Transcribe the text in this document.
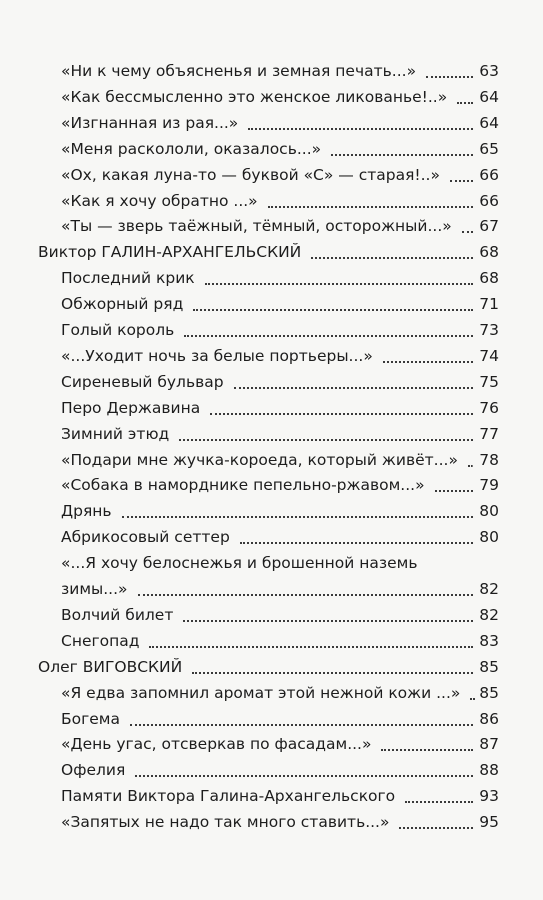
«Ни к чему объясненья и земная печать...»	63
«Как бессмысленно это женское ликованье!..»	64
«Изгнанная из рая...»	64
«Меня раскололи, оказалось...»	65
«Ох, какая луна-то — буквой «С» — старая!..»	66
«Как я хочу обратно ...»	66
«Ты — зверь таёжный, тёмный, осторожный...»	67
Виктор ГАЛИН-АРХАНГЕЛЬСКИЙ	68
Последний крик	68
Обжорный ряд	71
Голый король	73
«...Уходит ночь за белые портьеры...»	74
Сиреневый бульвар	75
Перо Державина	76
Зимний этюд	77
«Подари мне жучка-короеда, который живёт...»	78
«Собака в наморднике пепельно-ржавом...»	79
Дрянь	80
Абрикосовый сеттер	80
«...Я хочу белоснежья и брошенной наземь
зимы...»	82
Волчий билет	82
Снегопад	83
Олег ВИГОВСКИЙ	85
«Я едва запомнил аромат этой нежной кожи ...»	85
Богема	86
«День угас, отсверкав по фасадам...»	87
Офелия	88
Памяти Виктора Галина-Архангельского	93
«Запятых не надо так много ставить...»	95
